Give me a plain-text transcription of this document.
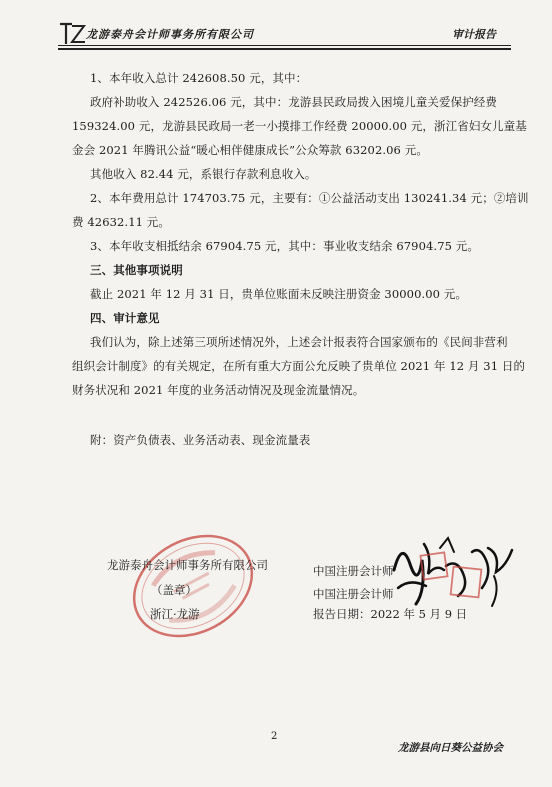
龙游泰舟会计师事务所有限公司	审计报告
1、本年收入总计 242608.50 元，其中：
政府补助收入 242526.06 元，其中：龙游县民政局拨入困境儿童关爱保护经费
159324.00 元，龙游县民政局一老一小摸排工作经费 20000.00 元，浙江省妇女儿童基
金会 2021 年腾讯公益“暖心相伴健康成长”公众筹款 63202.06 元。
其他收入 82.44 元，系银行存款利息收入。
2、本年费用总计 174703.75 元，主要有：①公益活动支出 130241.34 元；②培训
费 42632.11 元。
3、本年收支相抵结余 67904.75 元，其中：事业收支结余 67904.75 元。
三、其他事项说明
截止 2021 年 12 月 31 日，贵单位账面未反映注册资金 30000.00 元。
四、审计意见
我们认为，除上述第三项所述情况外，上述会计报表符合国家颁布的《民间非营利
组织会计制度》的有关规定，在所有重大方面公允反映了贵单位 2021 年 12 月 31 日的
财务状况和 2021 年度的业务活动情况及现金流量情况。
附：资产负债表、业务活动表、现金流量表
龙游泰舟会计师事务所有限公司
（盖章）
浙江·龙游
中国注册会计师
中国注册会计师
报告日期：2022 年 5 月 9 日
2
龙游县向日葵公益协会
